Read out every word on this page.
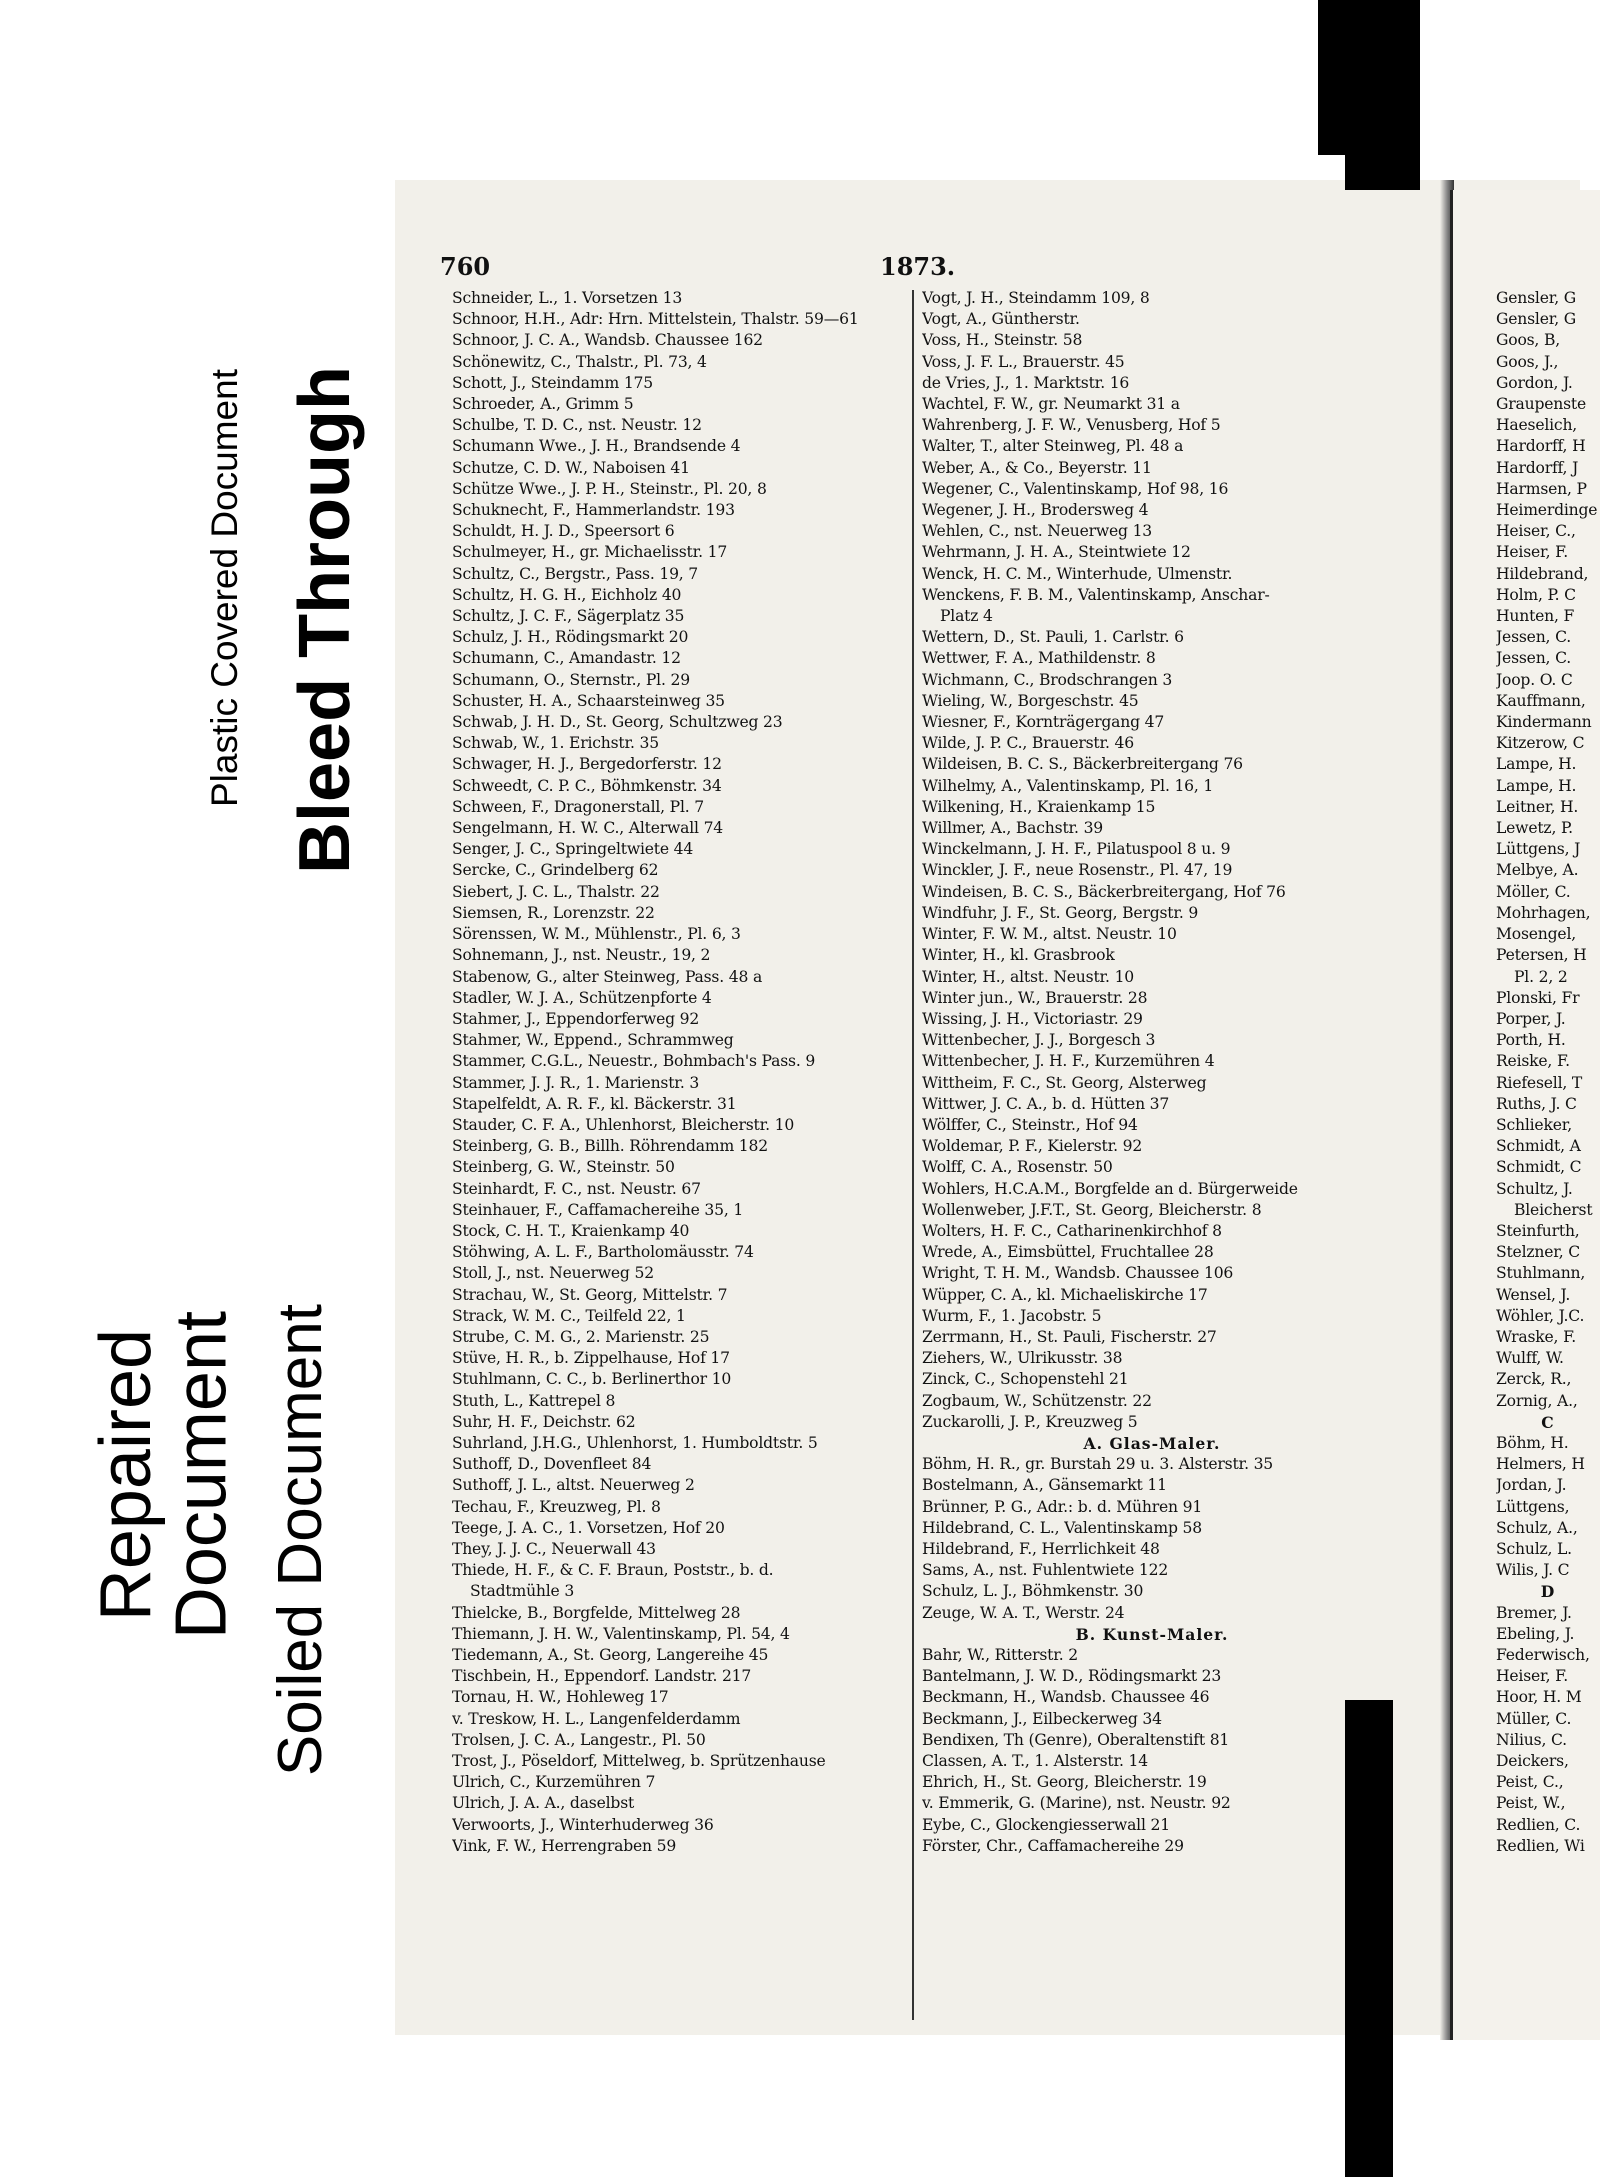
Plastic Covered Document Bleed Through
Repaired
Document Soiled Document
760	1873.
Schneider, L., 1. Vorsetzen 13
Schnoor, H.H., Adr: Hrn. Mittelstein, Thalstr. 59—61
Schnoor, J. C. A., Wandsb. Chaussee 162
Schönewitz, C., Thalstr., Pl. 73, 4
Schott, J., Steindamm 175
Schroeder, A., Grimm 5
Schulbe, T. D. C., nst. Neustr. 12
Schumann Wwe., J. H., Brandsende 4
Schutze, C. D. W., Naboisen 41
Schütze Wwe., J. P. H., Steinstr., Pl. 20, 8
Schuknecht, F., Hammerlandstr. 193
Schuldt, H. J. D., Speersort 6
Schulmeyer, H., gr. Michaelisstr. 17
Schultz, C., Bergstr., Pass. 19, 7
Schultz, H. G. H., Eichholz 40
Schultz, J. C. F., Sägerplatz 35
Schulz, J. H., Rödingsmarkt 20
Schumann, C., Amandastr. 12
Schumann, O., Sternstr., Pl. 29
Schuster, H. A., Schaarsteinweg 35
Schwab, J. H. D., St. Georg, Schultzweg 23
Schwab, W., 1. Erichstr. 35
Schwager, H. J., Bergedorferstr. 12
Schweedt, C. P. C., Böhmkenstr. 34
Schween, F., Dragonerstall, Pl. 7
Sengelmann, H. W. C., Alterwall 74
Senger, J. C., Springeltwiete 44
Sercke, C., Grindelberg 62
Siebert, J. C. L., Thalstr. 22
Siemsen, R., Lorenzstr. 22
Sörenssen, W. M., Mühlenstr., Pl. 6, 3
Sohnemann, J., nst. Neustr., 19, 2
Stabenow, G., alter Steinweg, Pass. 48 a
Stadler, W. J. A., Schützenpforte 4
Stahmer, J., Eppendorferweg 92
Stahmer, W., Eppend., Schrammweg
Stammer, C.G.L., Neuestr., Bohmbach's Pass. 9
Stammer, J. J. R., 1. Marienstr. 3
Stapelfeldt, A. R. F., kl. Bäckerstr. 31
Stauder, C. F. A., Uhlenhorst, Bleicherstr. 10
Steinberg, G. B., Billh. Röhrendamm 182
Steinberg, G. W., Steinstr. 50
Steinhardt, F. C., nst. Neustr. 67
Steinhauer, F., Caffamachereihe 35, 1
Stock, C. H. T., Kraienkamp 40
Stöhwing, A. L. F., Bartholomäusstr. 74
Stoll, J., nst. Neuerweg 52
Strachau, W., St. Georg, Mittelstr. 7
Strack, W. M. C., Teilfeld 22, 1
Strube, C. M. G., 2. Marienstr. 25
Stüve, H. R., b. Zippelhause, Hof 17
Stuhlmann, C. C., b. Berlinerthor 10
Stuth, L., Kattrepel 8
Suhr, H. F., Deichstr. 62
Suhrland, J.H.G., Uhlenhorst, 1. Humboldtstr. 5
Suthoff, D., Dovenfleet 84
Suthoff, J. L., altst. Neuerweg 2
Techau, F., Kreuzweg, Pl. 8
Teege, J. A. C., 1. Vorsetzen, Hof 20
They, J. J. C., Neuerwall 43
Thiede, H. F., & C. F. Braun, Poststr., b. d.
Stadtmühle 3
Thielcke, B., Borgfelde, Mittelweg 28
Thiemann, J. H. W., Valentinskamp, Pl. 54, 4
Tiedemann, A., St. Georg, Langereihe 45
Tischbein, H., Eppendorf. Landstr. 217
Tornau, H. W., Hohleweg 17
v. Treskow, H. L., Langenfelderdamm
Trolsen, J. C. A., Langestr., Pl. 50
Trost, J., Pöseldorf, Mittelweg, b. Sprützenhause
Ulrich, C., Kurzemühren 7
Ulrich, J. A. A., daselbst
Verwoorts, J., Winterhuderweg 36
Vink, F. W., Herrengraben 59
Vogt, J. H., Steindamm 109, 8
Vogt, A., Güntherstr.
Voss, H., Steinstr. 58
Voss, J. F. L., Brauerstr. 45
de Vries, J., 1. Marktstr. 16
Wachtel, F. W., gr. Neumarkt 31 a
Wahrenberg, J. F. W., Venusberg, Hof 5
Walter, T., alter Steinweg, Pl. 48 a
Weber, A., & Co., Beyerstr. 11
Wegener, C., Valentinskamp, Hof 98, 16
Wegener, J. H., Brodersweg 4
Wehlen, C., nst. Neuerweg 13
Wehrmann, J. H. A., Steintwiete 12
Wenck, H. C. M., Winterhude, Ulmenstr.
Wenckens, F. B. M., Valentinskamp, Anschar-
Platz 4
Wettern, D., St. Pauli, 1. Carlstr. 6
Wettwer, F. A., Mathildenstr. 8
Wichmann, C., Brodschrangen 3
Wieling, W., Borgeschstr. 45
Wiesner, F., Kornträgergang 47
Wilde, J. P. C., Brauerstr. 46
Wildeisen, B. C. S., Bäckerbreitergang 76
Wilhelmy, A., Valentinskamp, Pl. 16, 1
Wilkening, H., Kraienkamp 15
Willmer, A., Bachstr. 39
Winckelmann, J. H. F., Pilatuspool 8 u. 9
Winckler, J. F., neue Rosenstr., Pl. 47, 19
Windeisen, B. C. S., Bäckerbreitergang, Hof 76
Windfuhr, J. F., St. Georg, Bergstr. 9
Winter, F. W. M., altst. Neustr. 10
Winter, H., kl. Grasbrook
Winter, H., altst. Neustr. 10
Winter jun., W., Brauerstr. 28
Wissing, J. H., Victoriastr. 29
Wittenbecher, J. J., Borgesch 3
Wittenbecher, J. H. F., Kurzemühren 4
Wittheim, F. C., St. Georg, Alsterweg
Wittwer, J. C. A., b. d. Hütten 37
Wölffer, C., Steinstr., Hof 94
Woldemar, P. F., Kielerstr. 92
Wolff, C. A., Rosenstr. 50
Wohlers, H.C.A.M., Borgfelde an d. Bürgerweide
Wollenweber, J.F.T., St. Georg, Bleicherstr. 8
Wolters, H. F. C., Catharinenkirchhof 8
Wrede, A., Eimsbüttel, Fruchtallee 28
Wright, T. H. M., Wandsb. Chaussee 106
Wüpper, C. A., kl. Michaeliskirche 17
Wurm, F., 1. Jacobstr. 5
Zerrmann, H., St. Pauli, Fischerstr. 27
Ziehers, W., Ulrikusstr. 38
Zinck, C., Schopenstehl 21
Zogbaum, W., Schützenstr. 22
Zuckarolli, J. P., Kreuzweg 5
A. Glas-Maler.
Böhm, H. R., gr. Burstah 29 u. 3. Alsterstr. 35
Bostelmann, A., Gänsemarkt 11
Brünner, P. G., Adr.: b. d. Mühren 91
Hildebrand, C. L., Valentinskamp 58
Hildebrand, F., Herrlichkeit 48
Sams, A., nst. Fuhlentwiete 122
Schulz, L. J., Böhmkenstr. 30
Zeuge, W. A. T., Werstr. 24
B. Kunst-Maler.
Bahr, W., Ritterstr. 2
Bantelmann, J. W. D., Rödingsmarkt 23
Beckmann, H., Wandsb. Chaussee 46
Beckmann, J., Eilbeckerweg 34
Bendixen, Th (Genre), Oberaltenstift 81
Classen, A. T., 1. Alsterstr. 14
Ehrich, H., St. Georg, Bleicherstr. 19
v. Emmerik, G. (Marine), nst. Neustr. 92
Eybe, C., Glockengiesserwall 21
Förster, Chr., Caffamachereihe 29
Gensler, G
Gensler, G
Goos, B,
Goos, J.,
Gordon, J.
Graupenste
Haeselich,
Hardorff, H
Hardorff, J
Harmsen, P
Heimerdinge
Heiser, C.,
Heiser, F.
Hildebrand,
Holm, P. C
Hunten, F
Jessen, C.
Jessen, C.
Joop. O. C
Kauffmann,
Kindermann
Kitzerow, C
Lampe, H.
Lampe, H.
Leitner, H.
Lewetz, P.
Lüttgens, J
Melbye, A.
Möller, C.
Mohrhagen,
Mosengel,
Petersen, H
Pl. 2, 2
Plonski, Fr
Porper, J.
Porth, H.
Reiske, F.
Riefesell, T
Ruths, J. C
Schlieker,
Schmidt, A
Schmidt, C
Schultz, J.
Bleicherst
Steinfurth,
Stelzner, C
Stuhlmann,
Wensel, J.
Wöhler, J.C.
Wraske, F.
Wulff, W.
Zerck, R.,
Zornig, A.,
C
Böhm, H.
Helmers, H
Jordan, J.
Lüttgens,
Schulz, A.,
Schulz, L.
Wilis, J. C
D
Bremer, J.
Ebeling, J.
Federwisch,
Heiser, F.
Hoor, H. M
Müller, C.
Nilius, C.
Deickers,
Peist, C.,
Peist, W.,
Redlien, C.
Redlien, Wi
